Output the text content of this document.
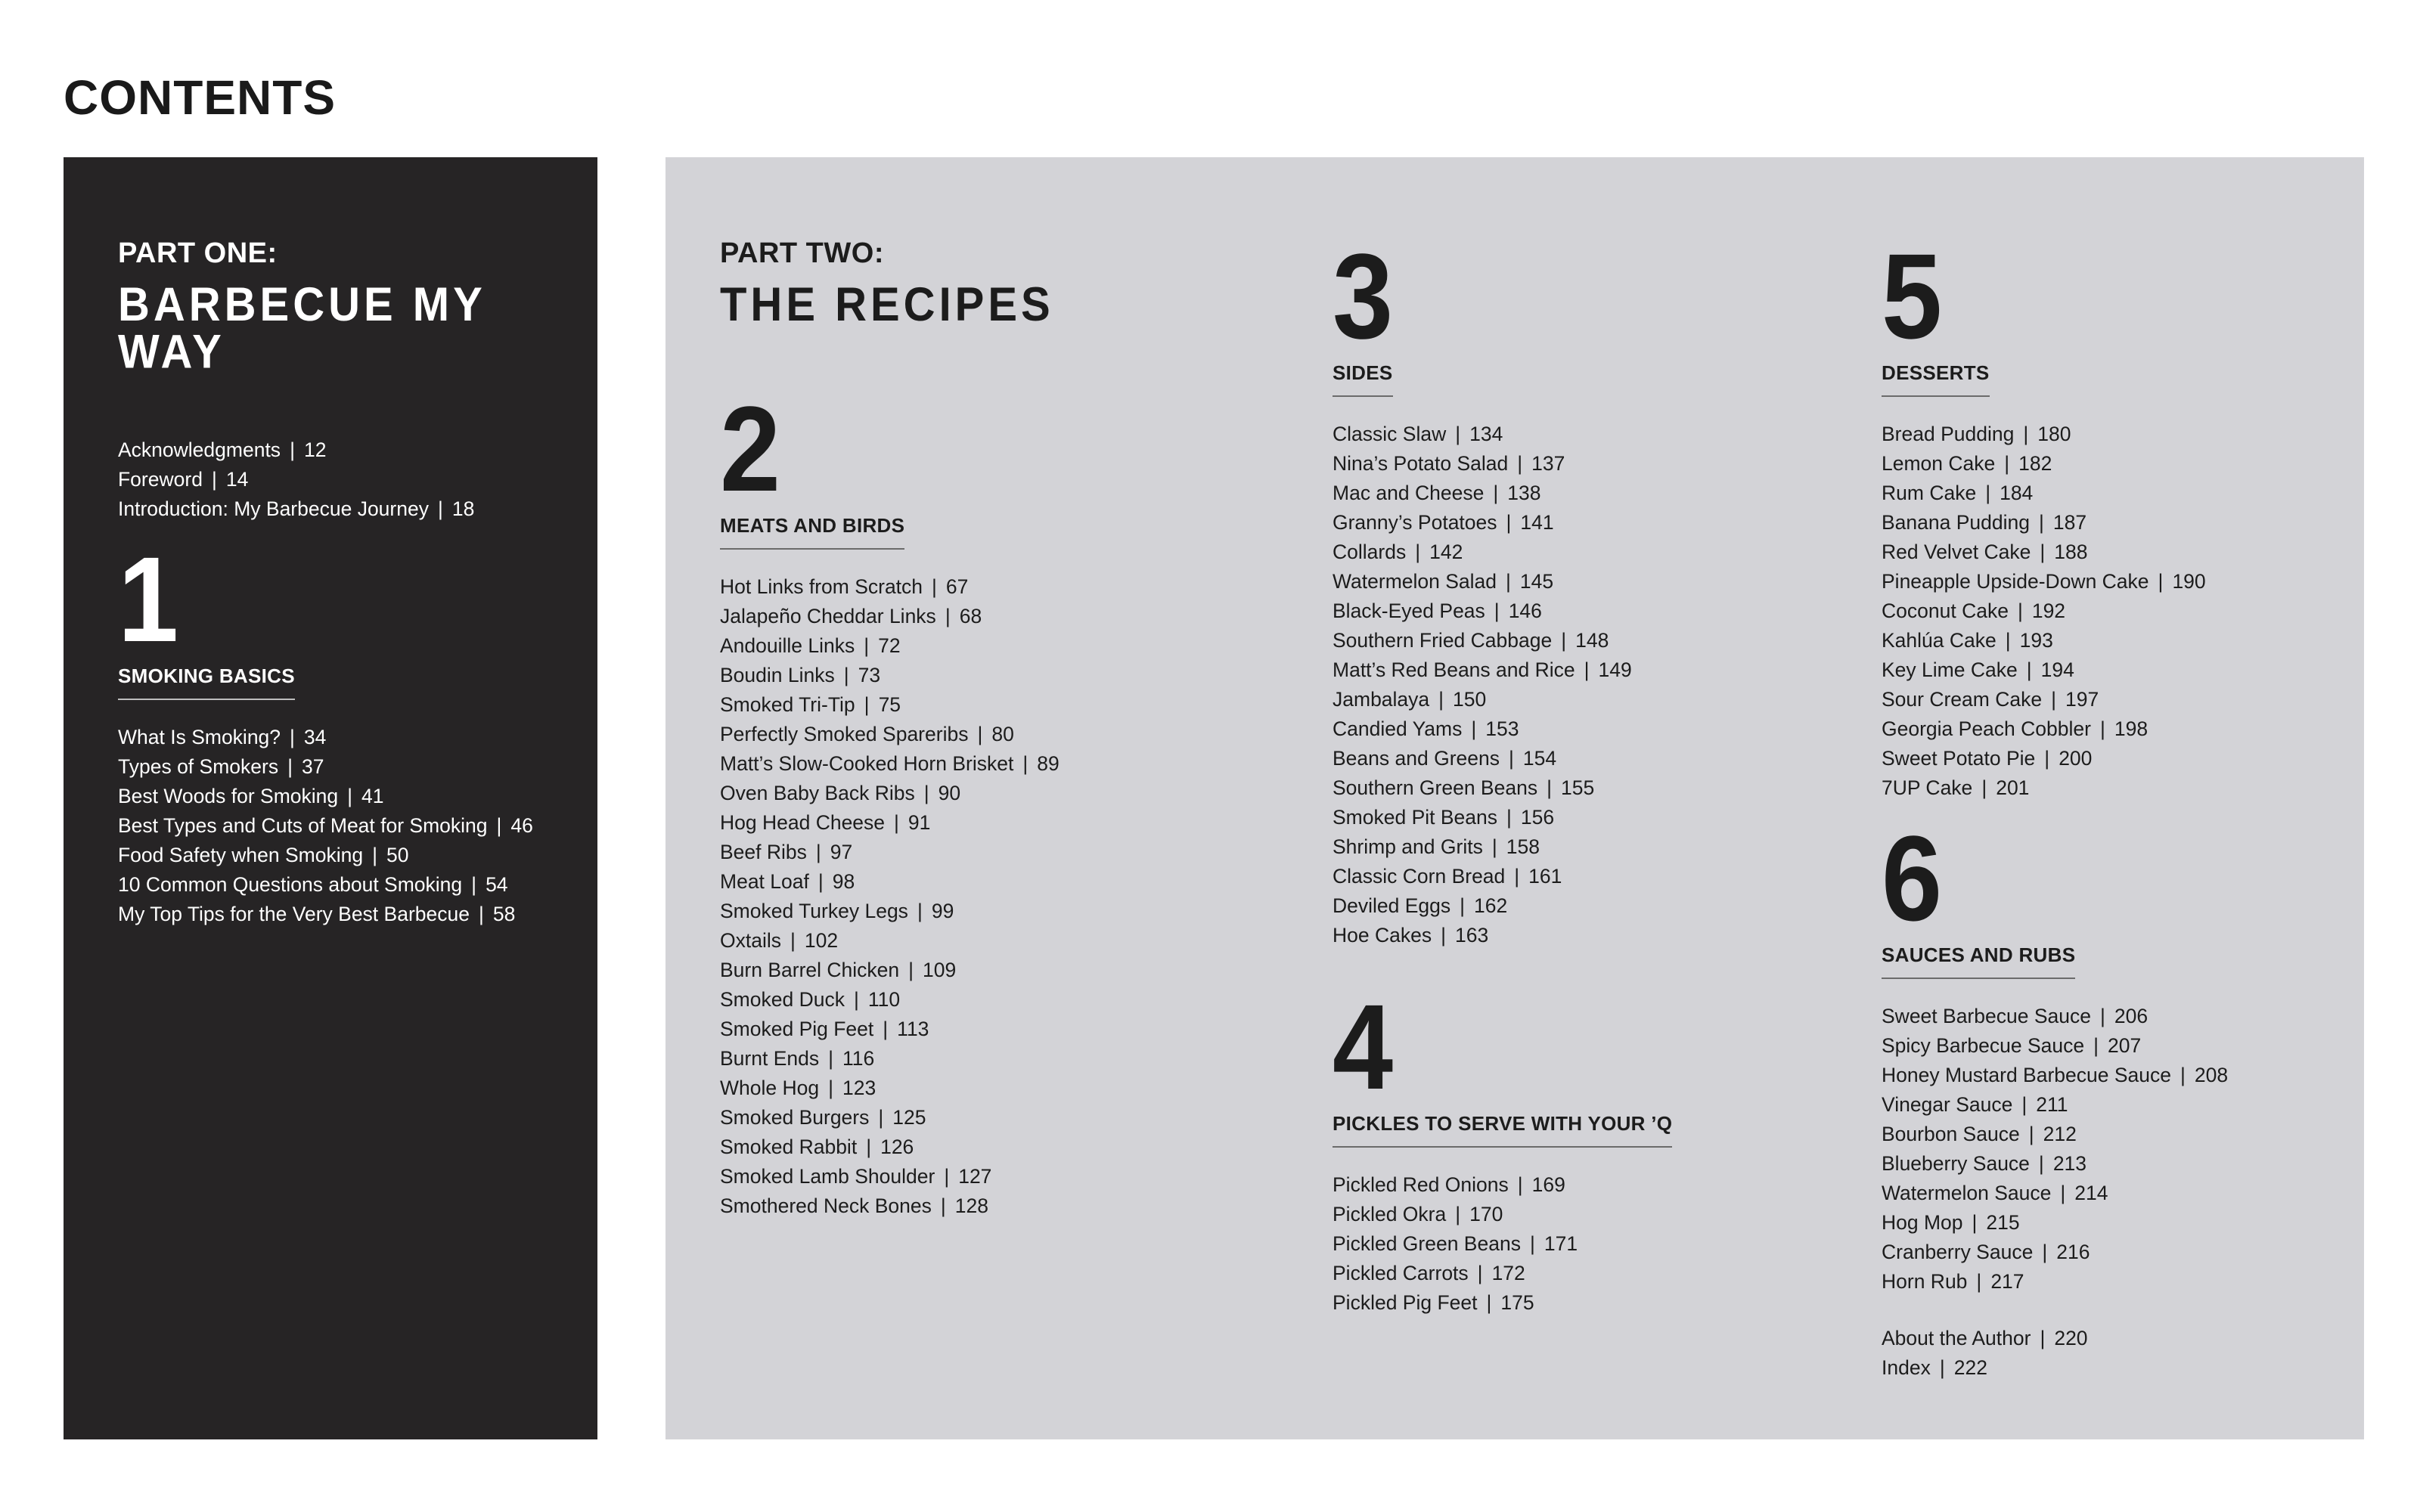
CONTENTS
PART ONE:
BARBECUE MY WAY
Acknowledgments | 12
Foreword | 14
Introduction: My Barbecue Journey | 18
1
SMOKING BASICS
What Is Smoking? | 34
Types of Smokers | 37
Best Woods for Smoking | 41
Best Types and Cuts of Meat for Smoking | 46
Food Safety when Smoking | 50
10 Common Questions about Smoking | 54
My Top Tips for the Very Best Barbecue | 58
PART TWO:
THE RECIPES
2
MEATS AND BIRDS
Hot Links from Scratch | 67
Jalapeño Cheddar Links | 68
Andouille Links | 72
Boudin Links | 73
Smoked Tri-Tip | 75
Perfectly Smoked Spareribs | 80
Matt’s Slow-Cooked Horn Brisket | 89
Oven Baby Back Ribs | 90
Hog Head Cheese | 91
Beef Ribs | 97
Meat Loaf | 98
Smoked Turkey Legs | 99
Oxtails | 102
Burn Barrel Chicken | 109
Smoked Duck | 110
Smoked Pig Feet | 113
Burnt Ends | 116
Whole Hog | 123
Smoked Burgers | 125
Smoked Rabbit | 126
Smoked Lamb Shoulder | 127
Smothered Neck Bones | 128
3
SIDES
Classic Slaw | 134
Nina’s Potato Salad | 137
Mac and Cheese | 138
Granny’s Potatoes | 141
Collards | 142
Watermelon Salad | 145
Black-Eyed Peas | 146
Southern Fried Cabbage | 148
Matt’s Red Beans and Rice | 149
Jambalaya | 150
Candied Yams | 153
Beans and Greens | 154
Southern Green Beans | 155
Smoked Pit Beans | 156
Shrimp and Grits | 158
Classic Corn Bread | 161
Deviled Eggs | 162
Hoe Cakes | 163
4
PICKLES TO SERVE WITH YOUR ’Q
Pickled Red Onions | 169
Pickled Okra | 170
Pickled Green Beans | 171
Pickled Carrots | 172
Pickled Pig Feet | 175
5
DESSERTS
Bread Pudding | 180
Lemon Cake | 182
Rum Cake | 184
Banana Pudding | 187
Red Velvet Cake | 188
Pineapple Upside-Down Cake | 190
Coconut Cake | 192
Kahlúa Cake | 193
Key Lime Cake | 194
Sour Cream Cake | 197
Georgia Peach Cobbler | 198
Sweet Potato Pie | 200
7UP Cake | 201
6
SAUCES AND RUBS
Sweet Barbecue Sauce | 206
Spicy Barbecue Sauce | 207
Honey Mustard Barbecue Sauce | 208
Vinegar Sauce | 211
Bourbon Sauce | 212
Blueberry Sauce | 213
Watermelon Sauce | 214
Hog Mop | 215
Cranberry Sauce | 216
Horn Rub | 217
About the Author | 220
Index | 222
